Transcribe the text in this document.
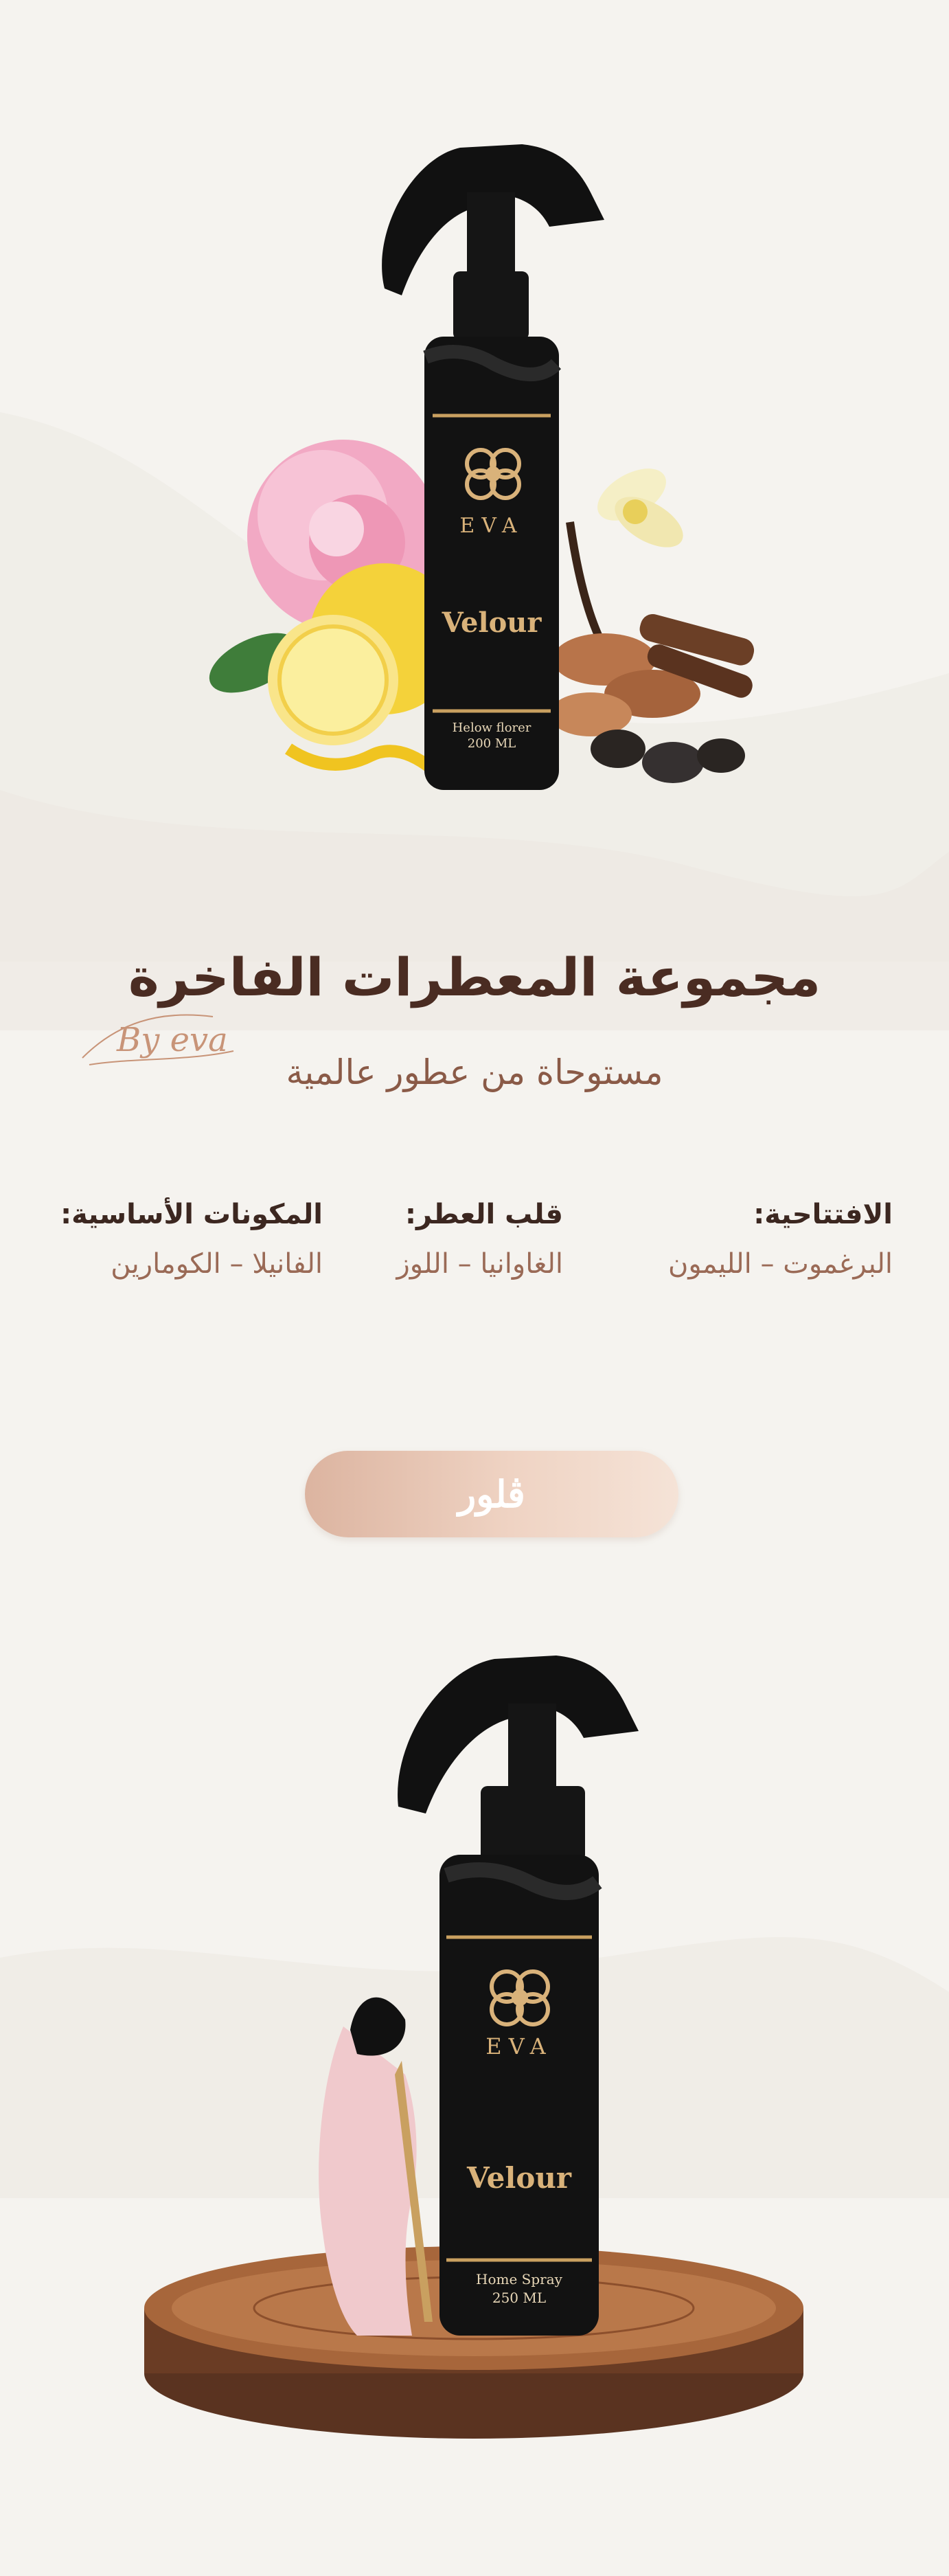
EVA
Velour
Helow florer
200 ML
By eva
مجموعة المعطرات الفاخرة
مستوحاة من عطور عالمية
الافتتاحية:
البرغموت – الليمون
قلب العطر:
الغاوانيا – اللوز
المكونات الأساسية:
الفانيلا – الكومارين
ڤلور
EVA
Velour
Home Spray
250 ML
